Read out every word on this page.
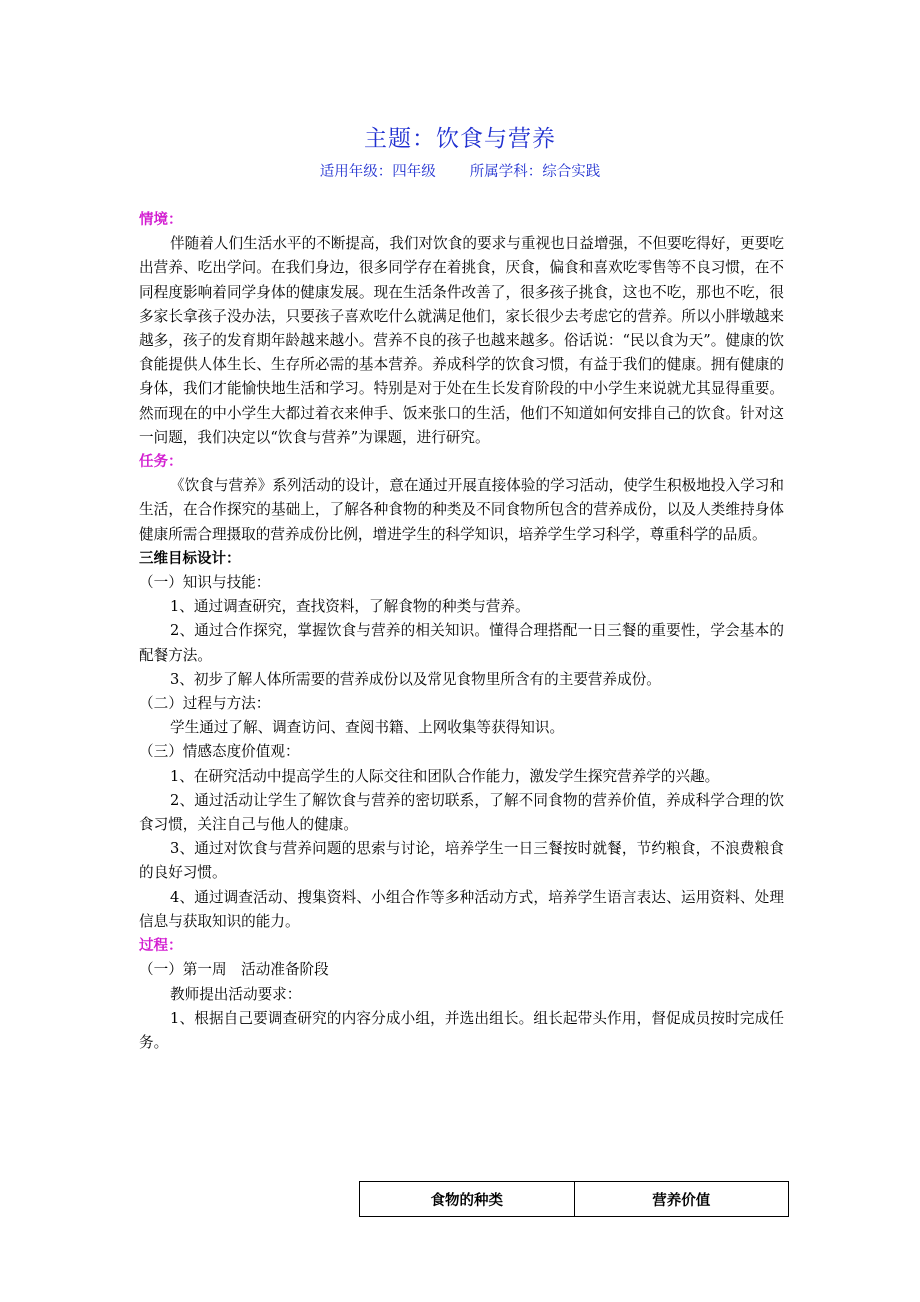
主题：饮食与营养
适用年级：四年级 所属学科：综合实践

情境：

伴随着人们生活水平的不断提高，我们对饮食的要求与重视也日益增强，不但要吃得好，更要吃出营养、吃出学问。在我们身边，很多同学存在着挑食，厌食，偏食和喜欢吃零售等不良习惯，在不同程度影响着同学身体的健康发展。现在生活条件改善了，很多孩子挑食，这也不吃，那也不吃，很多家长拿孩子没办法，只要孩子喜欢吃什么就满足他们，家长很少去考虑它的营养。所以小胖墩越来越多，孩子的发育期年龄越来越小。营养不良的孩子也越来越多。俗话说：“民以食为天”。健康的饮食能提供人体生长、生存所必需的基本营养。养成科学的饮食习惯，有益于我们的健康。拥有健康的身体，我们才能愉快地生活和学习。特别是对于处在生长发育阶段的中小学生来说就尤其显得重要。然而现在的中小学生大都过着衣来伸手、饭来张口的生活，他们不知道如何安排自己的饮食。针对这一问题，我们决定以“饮食与营养”为课题，进行研究。

任务：

《饮食与营养》系列活动的设计，意在通过开展直接体验的学习活动，使学生积极地投入学习和生活，在合作探究的基础上，了解各种食物的种类及不同食物所包含的营养成份，以及人类维持身体健康所需合理摄取的营养成份比例，增进学生的科学知识，培养学生学习科学，尊重科学的品质。

三维目标设计：

（一）知识与技能：

1、通过调查研究，查找资料，了解食物的种类与营养。

2、通过合作探究，掌握饮食与营养的相关知识。懂得合理搭配一日三餐的重要性，学会基本的配餐方法。

3、初步了解人体所需要的营养成份以及常见食物里所含有的主要营养成份。

（二）过程与方法：

学生通过了解、调查访问、查阅书籍、上网收集等获得知识。

（三）情感态度价值观：

1、在研究活动中提高学生的人际交往和团队合作能力，激发学生探究营养学的兴趣。

2、通过活动让学生了解饮食与营养的密切联系，了解不同食物的营养价值，养成科学合理的饮食习惯，关注自己与他人的健康。

3、通过对饮食与营养问题的思索与讨论，培养学生一日三餐按时就餐，节约粮食，不浪费粮食的良好习惯。

4、通过调查活动、搜集资料、小组合作等多种活动方式，培养学生语言表达、运用资料、处理信息与获取知识的能力。

过程：

（一）第一周　活动准备阶段

教师提出活动要求：

1、根据自己要调查研究的内容分成小组，并选出组长。组长起带头作用，督促成员按时完成任务。

食物的种类	营养价值
